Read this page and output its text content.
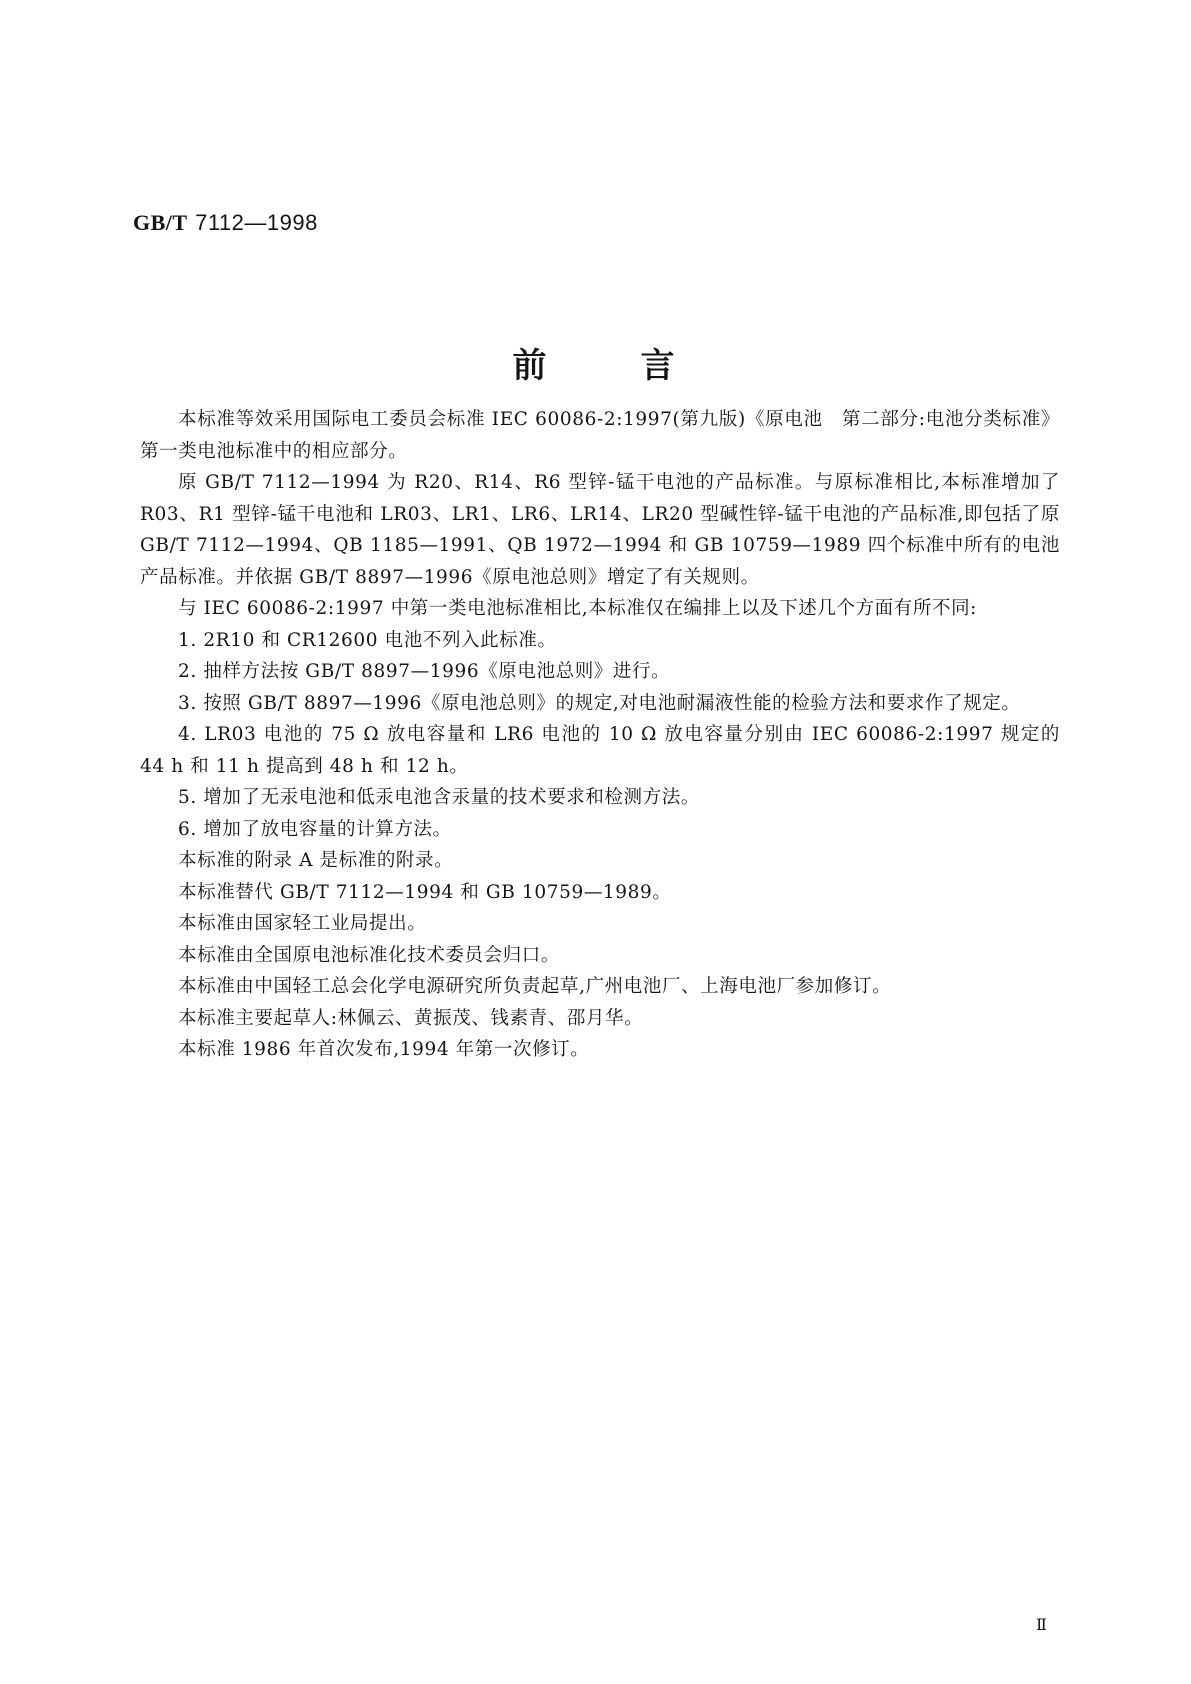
GB/T 7112—1998
前	言

本标准等效采用国际电工委员会标准 IEC 60086-2:1997(第九版)《原电池　第二部分:电池分类标准》第一类电池标准中的相应部分。

原 GB/T 7112—1994 为 R20、R14、R6 型锌-锰干电池的产品标准。与原标准相比,本标准增加了 R03、R1 型锌-锰干电池和 LR03、LR1、LR6、LR14、LR20 型碱性锌-锰干电池的产品标准,即包括了原 GB/T 7112—1994、QB 1185—1991、QB 1972—1994 和 GB 10759—1989 四个标准中所有的电池产品标准。并依据 GB/T 8897—1996《原电池总则》增定了有关规则。

与 IEC 60086-2:1997 中第一类电池标准相比,本标准仅在编排上以及下述几个方面有所不同:

1. 2R10 和 CR12600 电池不列入此标准。

2. 抽样方法按 GB/T 8897—1996《原电池总则》进行。

3. 按照 GB/T 8897—1996《原电池总则》的规定,对电池耐漏液性能的检验方法和要求作了规定。

4. LR03 电池的 75 Ω 放电容量和 LR6 电池的 10 Ω 放电容量分别由 IEC 60086-2:1997 规定的 44 h 和 11 h 提高到 48 h 和 12 h。

5. 增加了无汞电池和低汞电池含汞量的技术要求和检测方法。

6. 增加了放电容量的计算方法。

本标准的附录 A 是标准的附录。

本标准替代 GB/T 7112—1994 和 GB 10759—1989。

本标准由国家轻工业局提出。

本标准由全国原电池标准化技术委员会归口。

本标准由中国轻工总会化学电源研究所负责起草,广州电池厂、上海电池厂参加修订。

本标准主要起草人:林佩云、黄振茂、钱素青、邵月华。

本标准 1986 年首次发布,1994 年第一次修订。

Ⅱ
